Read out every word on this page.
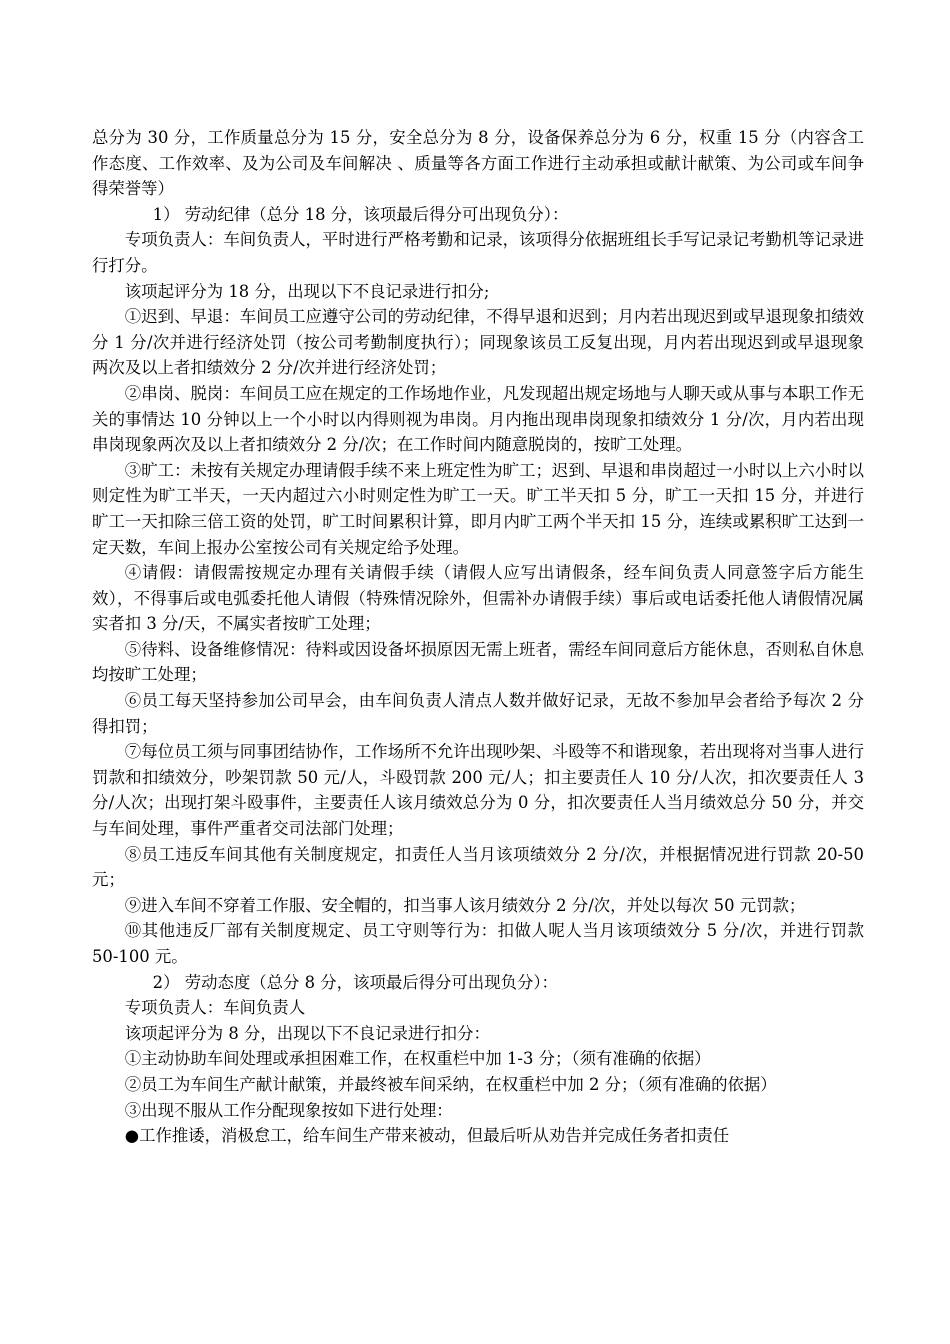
总分为 30 分，工作质量总分为 15 分，安全总分为 8 分，设备保养总分为 6 分，权重 15 分（内容含工作态度、工作效率、及为公司及车间解决 、质量等各方面工作进行主动承担或献计献策、为公司或车间争得荣誉等）

1） 劳动纪律（总分 18 分，该项最后得分可出现负分）：

专项负责人：车间负责人，平时进行严格考勤和记录，该项得分依据班组长手写记录记考勤机等记录进行打分。

该项起评分为 18 分，出现以下不良记录进行扣分;

①迟到、早退：车间员工应遵守公司的劳动纪律，不得早退和迟到；月内若出现迟到或早退现象扣绩效分 1 分/次并进行经济处罚（按公司考勤制度执行）；同现象该员工反复出现，月内若出现迟到或早退现象两次及以上者扣绩效分 2 分/次并进行经济处罚；

②串岗、脱岗：车间员工应在规定的工作场地作业，凡发现超出规定场地与人聊天或从事与本职工作无关的事情达 10 分钟以上一个小时以内得则视为串岗。月内拖出现串岗现象扣绩效分 1 分/次，月内若出现串岗现象两次及以上者扣绩效分 2 分/次；在工作时间内随意脱岗的，按旷工处理。

③旷工：未按有关规定办理请假手续不来上班定性为旷工；迟到、早退和串岗超过一小时以上六小时以则定性为旷工半天，一天内超过六小时则定性为旷工一天。旷工半天扣 5 分，旷工一天扣 15 分，并进行旷工一天扣除三倍工资的处罚，旷工时间累积计算，即月内旷工两个半天扣 15 分，连续或累积旷工达到一定天数，车间上报办公室按公司有关规定给予处理。

④请假：请假需按规定办理有关请假手续（请假人应写出请假条，经车间负责人同意签字后方能生效），不得事后或电弧委托他人请假（特殊情况除外，但需补办请假手续）事后或电话委托他人请假情况属实者扣 3 分/天，不属实者按旷工处理；

⑤待料、设备维修情况：待料或因设备坏损原因无需上班者，需经车间同意后方能休息，否则私自休息均按旷工处理；

⑥员工每天坚持参加公司早会，由车间负责人清点人数并做好记录，无故不参加早会者给予每次 2 分得扣罚；

⑦每位员工须与同事团结协作，工作场所不允许出现吵架、斗殴等不和谐现象，若出现将对当事人进行罚款和扣绩效分，吵架罚款 50 元/人，斗殴罚款 200 元/人；扣主要责任人 10 分/人次，扣次要责任人 3 分/人次；出现打架斗殴事件，主要责任人该月绩效总分为 0 分，扣次要责任人当月绩效总分 50 分，并交与车间处理，事件严重者交司法部门处理；

⑧员工违反车间其他有关制度规定，扣责任人当月该项绩效分 2 分/次，并根据情况进行罚款 20-50 元；

⑨进入车间不穿着工作服、安全帽的，扣当事人该月绩效分 2 分/次，并处以每次 50 元罚款；

⑩其他违反厂部有关制度规定、员工守则等行为：扣做人呢人当月该项绩效分 5 分/次，并进行罚款 50-100 元。

2） 劳动态度（总分 8 分，该项最后得分可出现负分）：

专项负责人：车间负责人

该项起评分为 8 分，出现以下不良记录进行扣分：

①主动协助车间处理或承担困难工作，在权重栏中加 1-3 分；（须有准确的依据）

②员工为车间生产献计献策，并最终被车间采纳，在权重栏中加 2 分；（须有准确的依据）

③出现不服从工作分配现象按如下进行处理：

●工作推诿，消极怠工，给车间生产带来被动，但最后听从劝告并完成任务者扣责任
